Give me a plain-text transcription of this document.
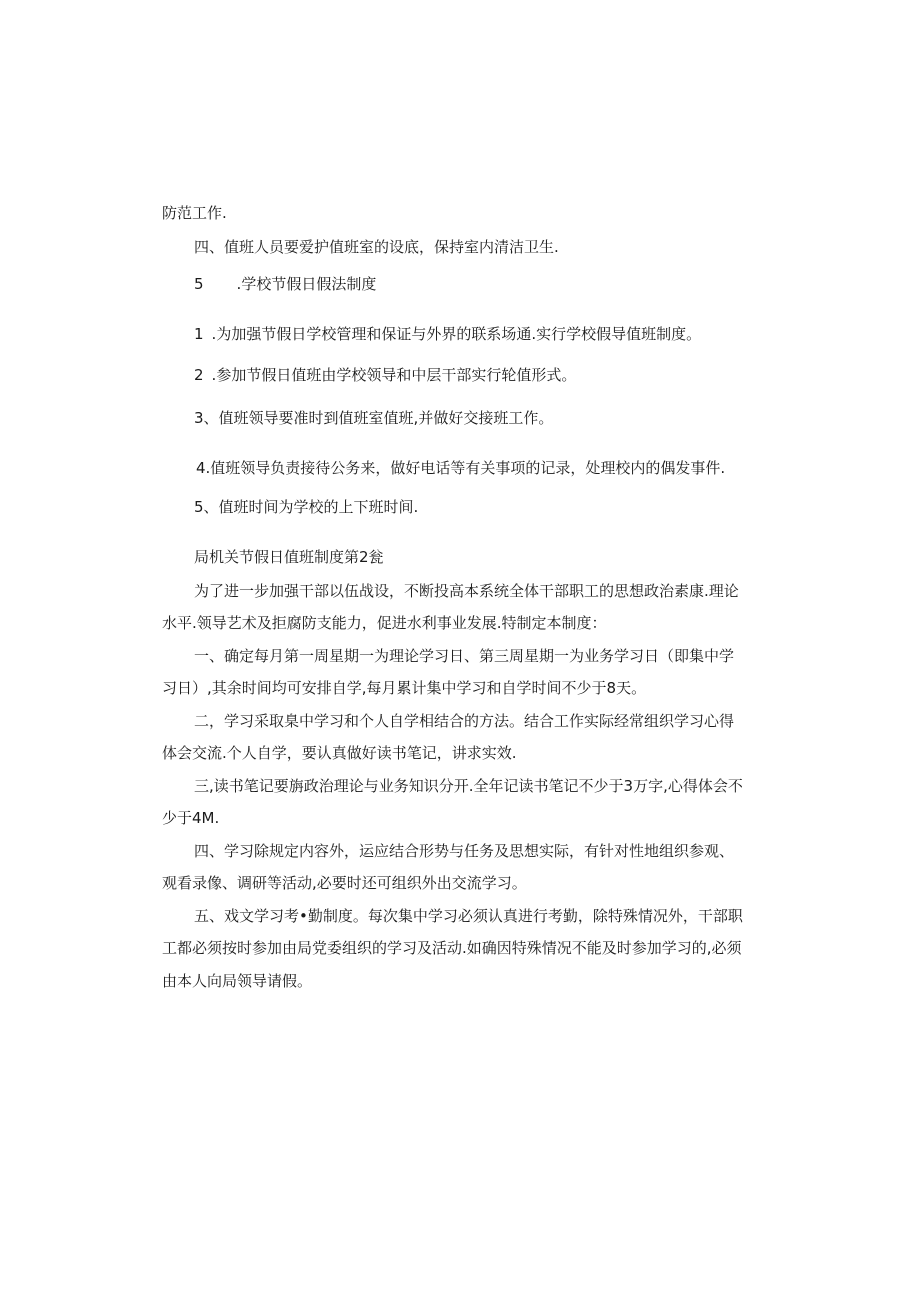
防范工作.

四、值班人员要爱护值班室的设底，保持室内清洁卫生.

5 .学校节假日假法制度

1 .为加强节假日学校管理和保证与外界的联系场通.实行学校假导值班制度。

2 .参加节假日值班由学校领导和中层干部实行轮值形式。

3、值班领导要准时到值班室值班,并做好交接班工作。

4.值班领导负责接待公务来，做好电话等有关事项的记录，处理校内的偶发事件.

5、值班时间为学校的上下班时间.

局机关节假日值班制度第2瓮

为了进一步加强干部以伍战设，不断投高本系统全体干部职工的思想政治素康.理论

水平.领导艺术及拒腐防支能力，促进水利事业发展.特制定本制度：

一、确定每月第一周星期一为理论学习日、第三周星期一为业务学习日（即集中学

习日）,其余时间均可安排自学,每月累计集中学习和自学时间不少于8天。

二，学习采取臬中学习和个人自学相结合的方法。结合工作实际经常组织学习心得

体会交流.个人自学，要认真做好读书笔记，讲求实效.

三,读书笔记要旃政治理论与业务知识分开.全年记读书笔记不少于3万字,心得体会不

少于4M.

四、学习除规定内容外，运应结合形势与任务及思想实际，有针对性地组织参观、

观看录像、调研等活动,必要时还可组织外出交流学习。

五、戏文学习考•勤制度。每次集中学习必须认真进行考勤，除特殊情况外，干部职

工都必须按时参加由局党委组织的学习及活动.如确因特殊情况不能及时参加学习的,必须

由本人向局领导请假。
